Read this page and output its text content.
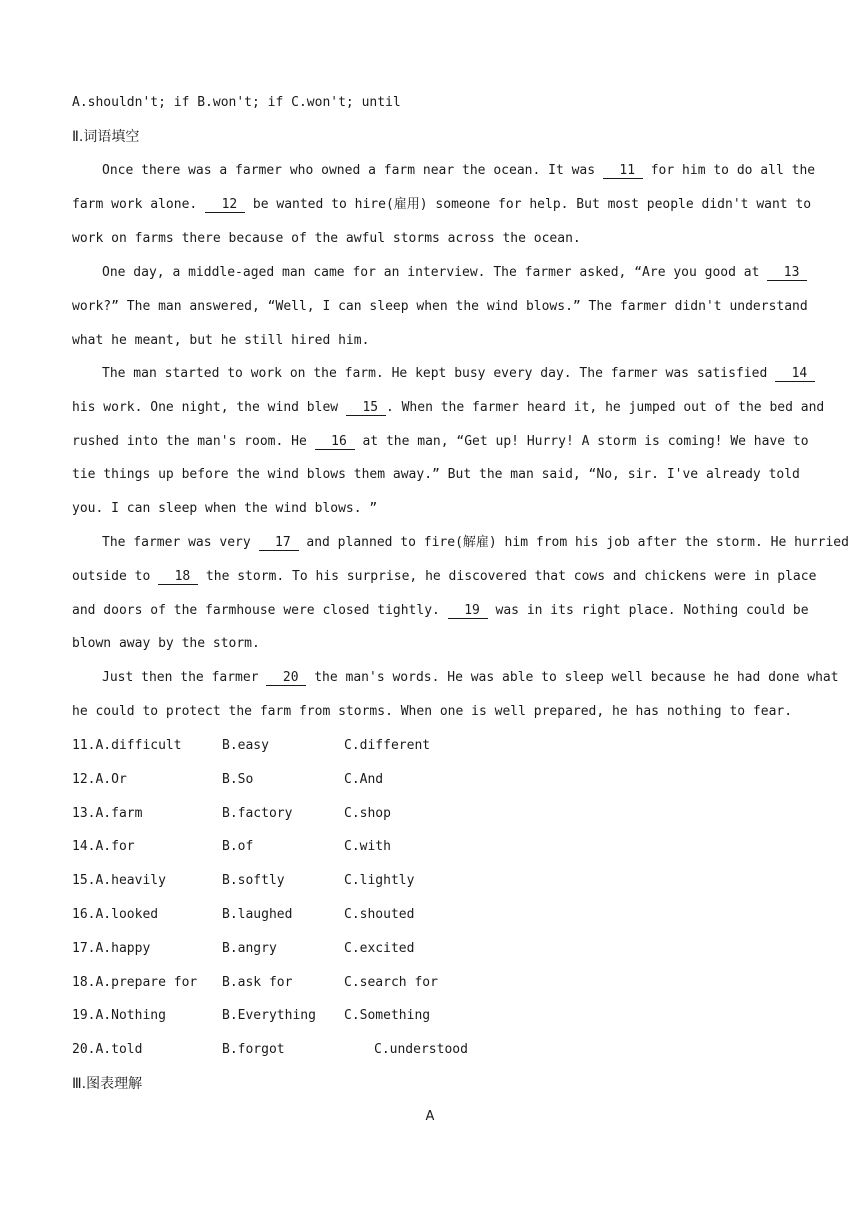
A.shouldn't; if B.won't; if C.won't; until
Ⅱ.词语填空
Once there was a farmer who owned a farm near the ocean. It was  11  for him to do all the
farm work alone.  12  be wanted to hire(雇用) someone for help. But most people didn't want to
work on farms there because of the awful storms across the ocean.
One day, a middle-aged man came for an interview. The farmer asked, “Are you good at  13
work?” The man answered, “Well, I can sleep when the wind blows.” The farmer didn't understand
what he meant, but he still hired him.
The man started to work on the farm. He kept busy every day. The farmer was satisfied  14
his work. One night, the wind blew  15 . When the farmer heard it, he jumped out of the bed and
rushed into the man's room. He  16  at the man, “Get up! Hurry! A storm is coming! We have to
tie things up before the wind blows them away.” But the man said, “No, sir. I've already told
you. I can sleep when the wind blows. ”
The farmer was very  17  and planned to fire(解雇) him from his job after the storm. He hurried
outside to  18  the storm. To his surprise, he discovered that cows and chickens were in place
and doors of the farmhouse were closed tightly.  19  was in its right place. Nothing could be
blown away by the storm.
Just then the farmer  20  the man's words. He was able to sleep well because he had done what
he could to protect the farm from storms. When one is well prepared, he has nothing to fear.
11.A.difficult	B.easy	C.different
12.A.Or	B.So	C.And
13.A.farm	B.factory	C.shop
14.A.for	B.of	C.with
15.A.heavily	B.softly	C.lightly
16.A.looked	B.laughed	C.shouted
17.A.happy	B.angry	C.excited
18.A.prepare for B.ask for	C.search for
19.A.Nothing	B.Everything C.Something
20.A.told	B.forgot	C.understood
Ⅲ.图表理解
A
